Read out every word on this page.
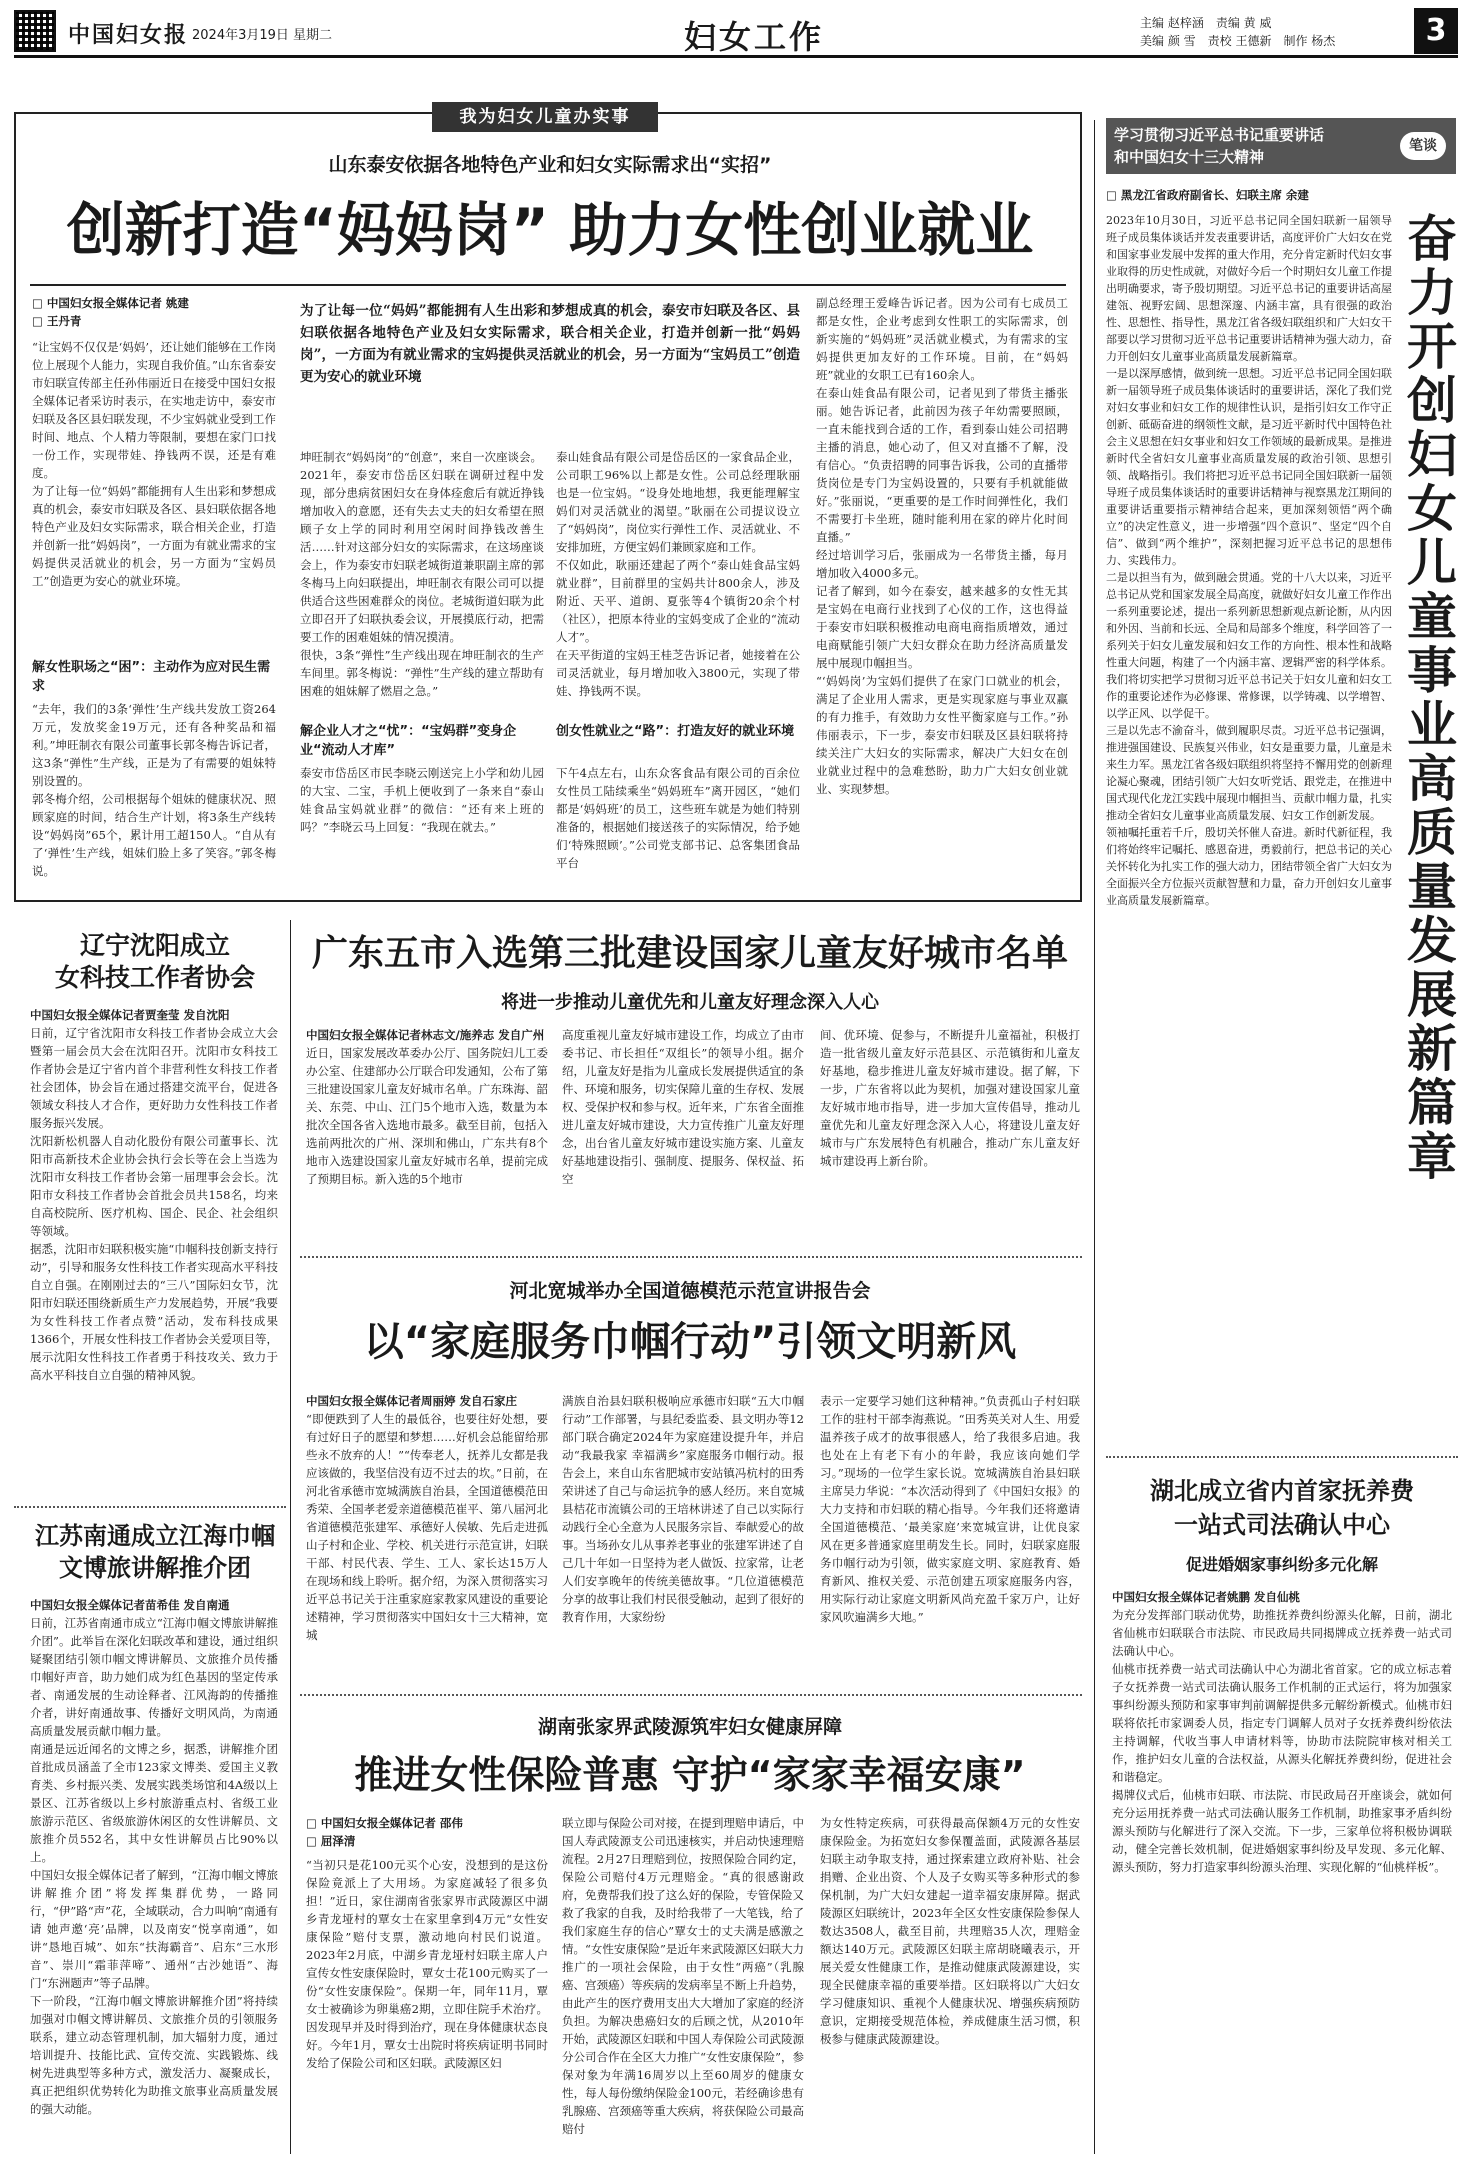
中国妇女报 2024年3月19日 星期二	妇女工作	主编 赵梓涵　责编 黄 威
美编 颜 雪　责校 王德新　制作 杨杰	3
我为妇女儿童办实事
山东泰安依据各地特色产业和妇女实际需求出“实招”
创新打造“妈妈岗” 助力女性创业就业
□ 中国妇女报全媒体记者 姚建
□ 王丹青
为了让每一位“妈妈”都能拥有人生出彩和梦想成真的机会，泰安市妇联及各区、县妇联依据各地特色产业及妇女实际需求，联合相关企业，打造并创新一批“妈妈岗”，一方面为有就业需求的宝妈提供灵活就业的机会，另一方面为“宝妈员工”创造更为安心的就业环境

“让宝妈不仅仅是‘妈妈’，还让她们能够在工作岗位上展现个人能力，实现自我价值。”山东省泰安市妇联宣传部主任孙伟丽近日在接受中国妇女报全媒体记者采访时表示，在实地走访中，泰安市妇联及各区县妇联发现，不少宝妈就业受到工作时间、地点、个人精力等限制，要想在家门口找一份工作，实现带娃、挣钱两不误，还是有难度。

为了让每一位“妈妈”都能拥有人生出彩和梦想成真的机会，泰安市妇联及各区、县妇联依据各地特色产业及妇女实际需求，联合相关企业，打造并创新一批“妈妈岗”，一方面为有就业需求的宝妈提供灵活就业的机会，另一方面为“宝妈员工”创造更为安心的就业环境。

解女性职场之“困”：主动作为应对民生需求

“去年，我们的3条‘弹性’生产线共发放工资264万元，发放奖金19万元，还有各种奖品和福利。”坤旺制衣有限公司董事长郭冬梅告诉记者，这3条“弹性”生产线，正是为了有需要的姐妹特别设置的。

郭冬梅介绍，公司根据每个姐妹的健康状况、照顾家庭的时间，结合生产计划，将3条生产线转设“妈妈岗”65个，累计用工超150人。“自从有了‘弹性’生产线，姐妹们脸上多了笑容。”郭冬梅说。

坤旺制衣“妈妈岗”的“创意”，来自一次座谈会。

2021年，泰安市岱岳区妇联在调研过程中发现，部分患病贫困妇女在身体痊愈后有就近挣钱增加收入的意愿，还有失去丈夫的妇女希望在照顾子女上学的同时利用空闲时间挣钱改善生活……针对这部分妇女的实际需求，在这场座谈会上，作为泰安市妇联老城街道兼职副主席的郭冬梅马上向妇联提出，坤旺制衣有限公司可以提供适合这些困难群众的岗位。老城街道妇联为此立即召开了妇联执委会议，开展摸底行动，把需要工作的困难姐妹的情况摸清。

很快，3条“弹性”生产线出现在坤旺制衣的生产车间里。郭冬梅说：“弹性”生产线的建立帮助有困难的姐妹解了燃眉之急。”

解企业人才之“忧”：“宝妈群”变身企业“流动人才库”
泰安市岱岳区市民李晓云刚送完上小学和幼儿园的大宝、二宝，手机上便收到了一条来自“泰山娃食品宝妈就业群”的微信：“还有来上班的吗？”李晓云马上回复：“我现在就去。”

泰山娃食品有限公司是岱岳区的一家食品企业，公司职工96%以上都是女性。公司总经理耿丽也是一位宝妈。“设身处地地想，我更能理解宝妈们对灵活就业的渴望。”耿丽在公司提议设立了“妈妈岗”，岗位实行弹性工作、灵活就业、不安排加班，方便宝妈们兼顾家庭和工作。

不仅如此，耿丽还建起了两个“泰山娃食品宝妈就业群”，目前群里的宝妈共计800余人，涉及附近、天平、道朗、夏张等4个镇街20余个村（社区），把原本待业的宝妈变成了企业的“流动人才”。

在天平街道的宝妈王桂芝告诉记者，她接着在公司灵活就业，每月增加收入3800元，实现了带娃、挣钱两不误。

创女性就业之“路”：打造友好的就业环境
下午4点左右，山东众客食品有限公司的百余位女性员工陆续乘坐“妈妈班车”离开园区，“她们都是‘妈妈班’的员工，这些班车就是为她们特别准备的，根据她们接送孩子的实际情况，给予她们‘特殊照顾’。”公司党支部书记、总客集团食品平台

副总经理王爱峰告诉记者。因为公司有七成员工都是女性，企业考虑到女性职工的实际需求，创新实施的“妈妈班”灵活就业模式，为有需求的宝妈提供更加友好的工作环境。目前，在“妈妈班”就业的女职工已有160余人。

在泰山娃食品有限公司，记者见到了带货主播张丽。她告诉记者，此前因为孩子年幼需要照顾，一直未能找到合适的工作，看到泰山娃公司招聘主播的消息，她心动了，但又对直播不了解，没有信心。“负责招聘的同事告诉我，公司的直播带货岗位是专门为宝妈设置的，只要有手机就能做好。”张丽说，“更重要的是工作时间弹性化，我们不需要打卡坐班，随时能利用在家的碎片化时间直播。”

经过培训学习后，张丽成为一名带货主播，每月增加收入4000多元。

记者了解到，如今在泰安，越来越多的女性无其是宝妈在电商行业找到了心仪的工作，这也得益于泰安市妇联积极推动电商电商指质增效，通过电商赋能引领广大妇女群众在助力经济高质量发展中展现巾帼担当。

“‘妈妈岗’为宝妈们提供了在家门口就业的机会，满足了企业用人需求，更是实现家庭与事业双赢的有力推手，有效助力女性平衡家庭与工作。”孙伟丽表示，下一步，泰安市妇联及区县妇联将持续关注广大妇女的实际需求，解决广大妇女在创业就业过程中的急难愁盼，助力广大妇女创业就业、实现梦想。

学习贯彻习近平总书记重要讲话
和中国妇女十三大精神
笔谈
□ 黑龙江省政府副省长、妇联主席 余建
奋力开创妇女儿童事业高质量发展新篇章

2023年10月30日，习近平总书记同全国妇联新一届领导班子成员集体谈话并发表重要讲话，高度评价广大妇女在党和国家事业发展中发挥的重大作用，充分肯定新时代妇女事业取得的历史性成就，对做好今后一个时期妇女儿童工作提出明确要求，寄予殷切期望。习近平总书记的重要讲话高屋建瓴、视野宏阔、思想深邃、内涵丰富，具有很强的政治性、思想性、指导性，黑龙江省各级妇联组织和广大妇女干部要以学习贯彻习近平总书记重要讲话精神为强大动力，奋力开创妇女儿童事业高质量发展新篇章。

一是以深厚感情，做到统一思想。习近平总书记同全国妇联新一届领导班子成员集体谈话时的重要讲话，深化了我们党对妇女事业和妇女工作的规律性认识，是指引妇女工作守正创新、砥砺奋进的纲领性文献，是习近平新时代中国特色社会主义思想在妇女事业和妇女工作领域的最新成果。是推进新时代全省妇女儿童事业高质量发展的政治引领、思想引领、战略指引。我们将把习近平总书记同全国妇联新一届领导班子成员集体谈话时的重要讲话精神与视察黑龙江期间的重要讲话重要指示精神结合起来，更加深刻领悟“两个确立”的决定性意义，进一步增强“四个意识”、坚定“四个自信”、做到“两个维护”，深刻把握习近平总书记的思想伟力、实践伟力。

二是以担当有为，做到融会贯通。党的十八大以来，习近平总书记从党和国家发展全局高度，就做好妇女儿童工作作出一系列重要论述，提出一系列新思想新观点新论断，从内因和外因、当前和长远、全局和局部多个维度，科学回答了一系列关于妇女儿童发展和妇女工作的方向性、根本性和战略性重大问题，构建了一个内涵丰富、逻辑严密的科学体系。我们将切实把学习贯彻习近平总书记关于妇女儿童和妇女工作的重要论述作为必修课、常修课，以学铸魂、以学增智、以学正风、以学促干。

三是以先志不渝奋斗，做到履职尽责。习近平总书记强调，推进强国建设、民族复兴伟业，妇女是重要力量，儿童是未来生力军。黑龙江省各级妇联组织将坚持不懈用党的创新理论凝心聚魂，团结引领广大妇女听党话、跟党走，在推进中国式现代化龙江实践中展现巾帼担当、贡献巾帼力量，扎实推动全省妇女儿童事业高质量发展、妇女工作创新发展。

领袖嘱托重若千斤，殷切关怀催人奋进。新时代新征程，我们将始终牢记嘱托、感恩奋进，勇毅前行，把总书记的关心关怀转化为扎实工作的强大动力，团结带领全省广大妇女为全面振兴全方位振兴贡献智慧和力量，奋力开创妇女儿童事业高质量发展新篇章。

辽宁沈阳成立
女科技工作者协会

中国妇女报全媒体记者贾奎莹 发自沈阳

日前，辽宁省沈阳市女科技工作者协会成立大会暨第一届会员大会在沈阳召开。沈阳市女科技工作者协会是辽宁省内首个非营利性女科技工作者社会团体，协会旨在通过搭建交流平台，促进各领域女科技人才合作，更好助力女性科技工作者服务振兴发展。

沈阳新松机器人自动化股份有限公司董事长、沈阳市高新技术企业协会执行会长等在会上当选为沈阳市女科技工作者协会第一届理事会会长。沈阳市女科技工作者协会首批会员共158名，均来自高校院所、医疗机构、国企、民企、社会组织等领域。

据悉，沈阳市妇联积极实施“巾帼科技创新支持行动”，引导和服务女性科技工作者实现高水平科技自立自强。在刚刚过去的“三八”国际妇女节，沈阳市妇联还围绕新质生产力发展趋势，开展“我要为女性科技工作者点赞”活动，发布科技成果1366个，开展女性科技工作者协会关爱项目等，展示沈阳女性科技工作者勇于科技攻关、致力于高水平科技自立自强的精神风貌。

广东五市入选第三批建设国家儿童友好城市名单
将进一步推动儿童优先和儿童友好理念深入人心

中国妇女报全媒体记者林志文/施养志 发自广州

近日，国家发展改革委办公厅、国务院妇儿工委办公室、住建部办公厅联合印发通知，公布了第三批建设国家儿童友好城市名单。广东珠海、韶关、东莞、中山、江门5个地市入选，数量为本批次全国各省入选地市最多。截至目前，包括入选前两批次的广州、深圳和佛山，广东共有8个地市入选建设国家儿童友好城市名单，提前完成了预期目标。新入选的5个地市

高度重视儿童友好城市建设工作，均成立了由市委书记、市长担任“双组长”的领导小组。据介绍，儿童友好是指为儿童成长发展提供适宜的条件、环境和服务，切实保障儿童的生存权、发展权、受保护权和参与权。近年来，广东省全面推进儿童友好城市建设，大力宣传推广儿童友好理念，出台省儿童友好城市建设实施方案、儿童友好基地建设指引、强制度、提服务、保权益、拓空
间、优环境、促参与，不断提升儿童福祉，积极打造一批省级儿童友好示范县区、示范镇街和儿童友好基地，稳步推进儿童友好城市建设。据了解，下一步，广东省将以此为契机，加强对建设国家儿童友好城市地市指导，进一步加大宣传倡导，推动儿童优先和儿童友好理念深入人心，将建设儿童友好城市与广东发展特色有机融合，推动广东儿童友好城市建设再上新台阶。
河北宽城举办全国道德模范示范宣讲报告会
以“家庭服务巾帼行动”引领文明新风

中国妇女报全媒体记者周丽婷 发自石家庄

“即便跌到了人生的最低谷，也要往好处想，要有过好日子的愿望和梦想……好机会总能留给那些永不放弃的人！”“传奉老人，抚养儿女都是我应该做的，我坚信没有迈不过去的坎。”日前，在河北省承德市宽城满族自治县，全国道德模范田秀荣、全国孝老爱亲道德模范崔平、第八届河北省道德模范张建军、承德好人侯敏、先后走进孤山子村和企业、学校、机关进行示范宣讲，妇联干部、村民代表、学生、工人、家长达15万人在现场和线上聆听。据介绍，为深入贯彻落实习近平总书记关于注重家庭家教家风建设的重要论述精神，学习贯彻落实中国妇女十三大精神，宽城

满族自治县妇联积极响应承德市妇联“五大巾帼行动”工作部署，与县纪委监委、县文明办等12部门联合确定2024年为家庭建设提升年，并启动“我最我家 幸福满乡”家庭服务巾帼行动。报告会上，来自山东省肥城市安站镇冯杭村的田秀荣讲述了自己与命运抗争的感人经历。来自宽城县桔花市流镇公司的王培林讲述了自己以实际行动践行全心全意为人民服务宗旨、奉献爱心的故事。当场孙女儿从事养老事业的张建军讲述了自己几十年如一日坚持为老人做饭、拉家常，让老人们安享晚年的传统美德故事。“几位道德模范分享的故事让我们村民很受触动，起到了很好的教育作用，大家纷纷
表示一定要学习她们这种精神。”负责孤山子村妇联工作的驻村干部李海燕说。“田秀英关对人生、用爱温养孩子成才的故事很感人，给了我很多启迪。我也处在上有老下有小的年龄，我应该向她们学习。”现场的一位学生家长说。宽城满族自治县妇联主席吴力华说：“本次活动得到了《中国妇女报》的大力支持和市妇联的精心指导。今年我们还将邀请全国道德模范、‘最美家庭’来宽城宣讲，让优良家风在更多普通家庭里萌发生长。同时，妇联家庭服务巾帼行动为引领，做实家庭文明、家庭教育、婚育新风、推权关爱、示范创建五项家庭服务内容，用实际行动让家庭文明新风尚充盈千家万户，让好家风吹遍满乡大地。”
江苏南通成立江海巾帼
文博旅讲解推介团

中国妇女报全媒体记者苗希佳 发自南通

日前，江苏省南通市成立“江海巾帼文博旅讲解推介团”。此举旨在深化妇联改革和建设，通过组织疑聚团结引领巾帼文博讲解员、文旅推介员传播巾帼好声音，助力她们成为红色基因的坚定传承者、南通发展的生动诠释者、江风海韵的传播推介者，讲好南通故事、传播好文明风尚，为南通高质量发展贡献巾帼力量。

南通是远近闻名的文博之乡，据悉，讲解推介团首批成员涵盖了全市123家文博类、爱国主义教育类、乡村振兴类、发展实践类场馆和4A级以上景区、江苏省级以上乡村旅游重点村、省级工业旅游示范区、省级旅游休闲区的女性讲解员、文旅推介员552名，其中女性讲解员占比90%以上。

中国妇女报全媒体记者了解到，“江海巾帼文博旅讲解推介团”将发挥集群优势，一路同行，“伊”路“声”花，全域联动，合力叫响“南通有请 她声邀‘亮’品牌，以及南安“悦享南通”，如讲“恳地百城”、如东“扶海霸音”、启东“三水形音”、崇川“霜菲萍啼”、通州“古沙她语”、海门“东洲题声”等子品牌。

下一阶段，“江海巾帼文博旅讲解推介团”将持续加强对巾帼文博讲解员、文旅推介员的引领服务联系，建立动态管理机制，加大辐射力度，通过培训提升、技能比武、宣传交流、实践锻炼、线树先进典型等多种方式，激发活力、凝聚成长，真正把组织优势转化为助推文旅事业高质量发展的强大动能。

湖南张家界武陵源筑牢妇女健康屏障
推进女性保险普惠 守护“家家幸福安康”
□ 中国妇女报全媒体记者 邵伟
□ 屈泽清
“当初只是花100元买个心安，没想到的是这份保险竟派上了大用场。为家庭减轻了很多负担！”近日，家住湖南省张家界市武陵源区中湖乡青龙垭村的覃女士在家里拿到4万元“女性安康保险”赔付支票，激动地向村民们说道。2023年2月底，中湖乡青龙垭村妇联主席人户宣传女性安康保险时，覃女士花100元购买了一份“女性安康保险”。保期一年，同年11月，覃女士被确诊为卵巢癌2期，立即住院手术治疗。因发现早并及时得到治疗，现在身体健康状态良好。今年1月，覃女士出院时将疾病证明书同时发给了保险公司和区妇联。武陵源区妇
联立即与保险公司对接，在提到理赔申请后，中国人寿武陵源支公司迅速核实，并启动快速理赔流程。2月27日理赔到位，按照保险合同约定，保险公司赔付4万元理赔金。“真的很感谢政府，免费帮我们投了这么好的保险，专管保险又救了我家的自我，及时给我带了一大笔钱，给了我们家庭生存的信心”覃女士的丈夫满是感激之情。“女性安康保险”是近年来武陵源区妇联大力推广的一项社会保险，由于女性“两癌”（乳腺癌、宫颈癌）等疾病的发病率呈不断上升趋势，由此产生的医疗费用支出大大增加了家庭的经济负担。为解决患癌妇女的后顾之忧，从2010年开始，武陵源区妇联和中国人寿保险公司武陵源分公司合作在全区大力推广“女性安康保险”，参保对象为年满16周岁以上至60周岁的健康女性，每人每份缴纳保险金100元，若经确诊患有乳腺癌、宫颈癌等重大疾病，将获保险公司最高赔付
为女性特定疾病，可获得最高保额4万元的女性安康保险金。为拓宽妇女参保覆盖面，武陵源各基层妇联主动争取支持，通过探索建立政府补贴、社会捐赠、企业出资、个人及子女购买等多种形式的参保机制，为广大妇女建起一道幸福安康屏障。据武陵源区妇联统计，2023年全区女性安康保险参保人数达3508人，截至目前，共理赔35人次，理赔金额达140万元。武陵源区妇联主席胡晓曦表示，开展关爱女性健康工作，是推动健康武陵源建设，实现全民健康幸福的重要举措。区妇联将以广大妇女学习健康知识、重视个人健康状况、增强疾病预防意识，定期接受规范体检，养成健康生活习惯，积极参与健康武陵源建设。
湖北成立省内首家抚养费
一站式司法确认中心
促进婚姻家事纠纷多元化解

中国妇女报全媒体记者姚鹏 发自仙桃

为充分发挥部门联动优势，助推抚养费纠纷源头化解，日前，湖北省仙桃市妇联联合市法院、市民政局共同揭牌成立抚养费一站式司法确认中心。

仙桃市抚养费一站式司法确认中心为湖北省首家。它的成立标志着子女抚养费一站式司法确认服务工作机制的正式运行，将为加强家事纠纷源头预防和家事审判前调解提供多元解纷新模式。仙桃市妇联将依托市家调委人员，指定专门调解人员对子女抚养费纠纷依法主持调解，代收当事人申请材料等，协助市法院院审核对相关工作，推护妇女儿童的合法权益，从源头化解抚养费纠纷，促进社会和谐稳定。

揭牌仪式后，仙桃市妇联、市法院、市民政局召开座谈会，就如何充分运用抚养费一站式司法确认服务工作机制，助推家事矛盾纠纷源头预防与化解进行了深入交流。下一步，三家单位将积极协调联动，健全完善长效机制，促进婚姻家事纠纷及早发现、多元化解、源头预防，努力打造家事纠纷源头治理、实现化解的“仙桃样板”。
